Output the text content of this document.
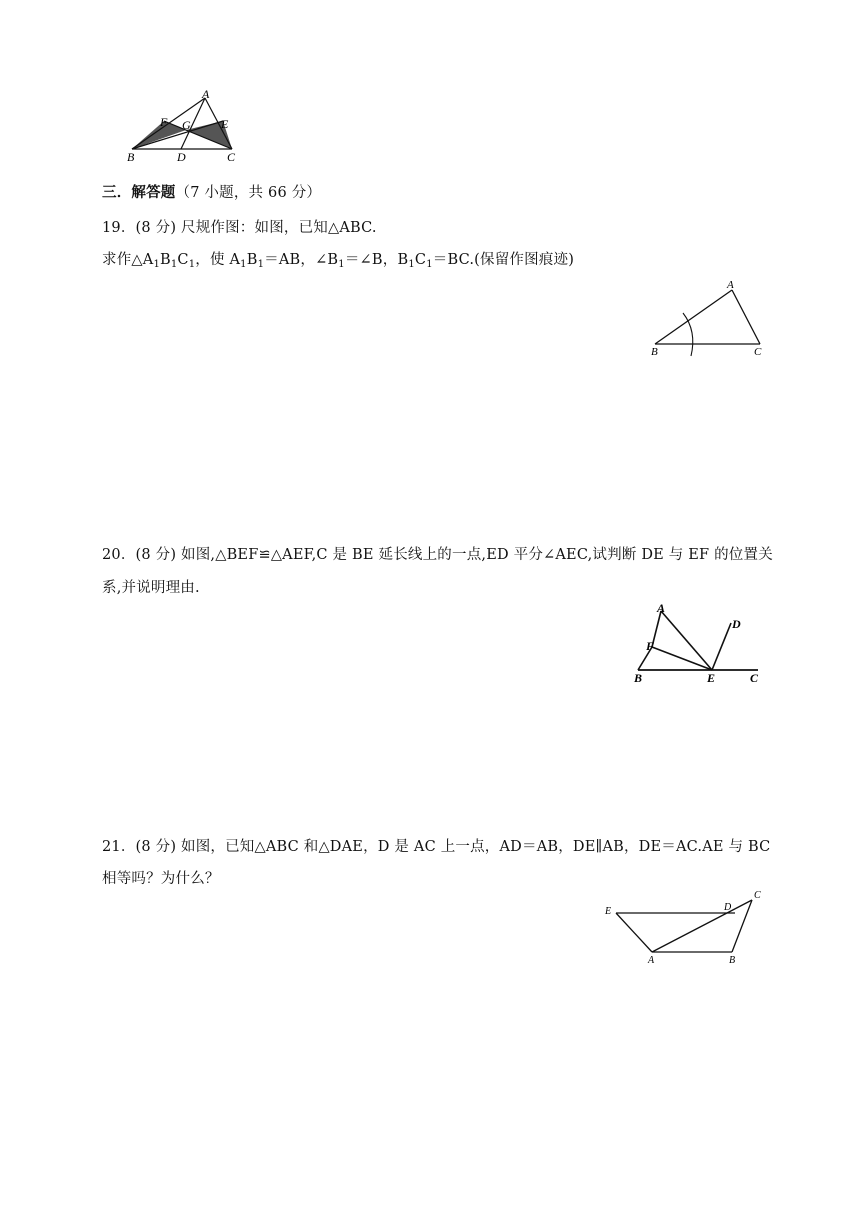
A
F G	E
B	D	C
三．解答题（7 小题，共 66 分）
19．(8 分) 尺规作图：如图，已知△ABC.
求作$\triangle A_1B_1C_1$，使 $A_1B_1=AB$，$\angle B_1=\angle B$，$B_1C_1=BC$.(保留作图痕迹)
A
B	C
20．(8 分) 如图,△BEF≌△AEF,C 是 BE 延长线上的一点,ED 平分∠AEC,试判断 DE 与 EF 的位置关
系,并说明理由.
A
D
F
B	E	C
21．(8 分) 如图，已知△ABC 和△DAE，D 是 AC 上一点，AD＝AB，DE∥AB，DE＝AC.AE 与 BC
相等吗？为什么？
E	D
C
A	B
